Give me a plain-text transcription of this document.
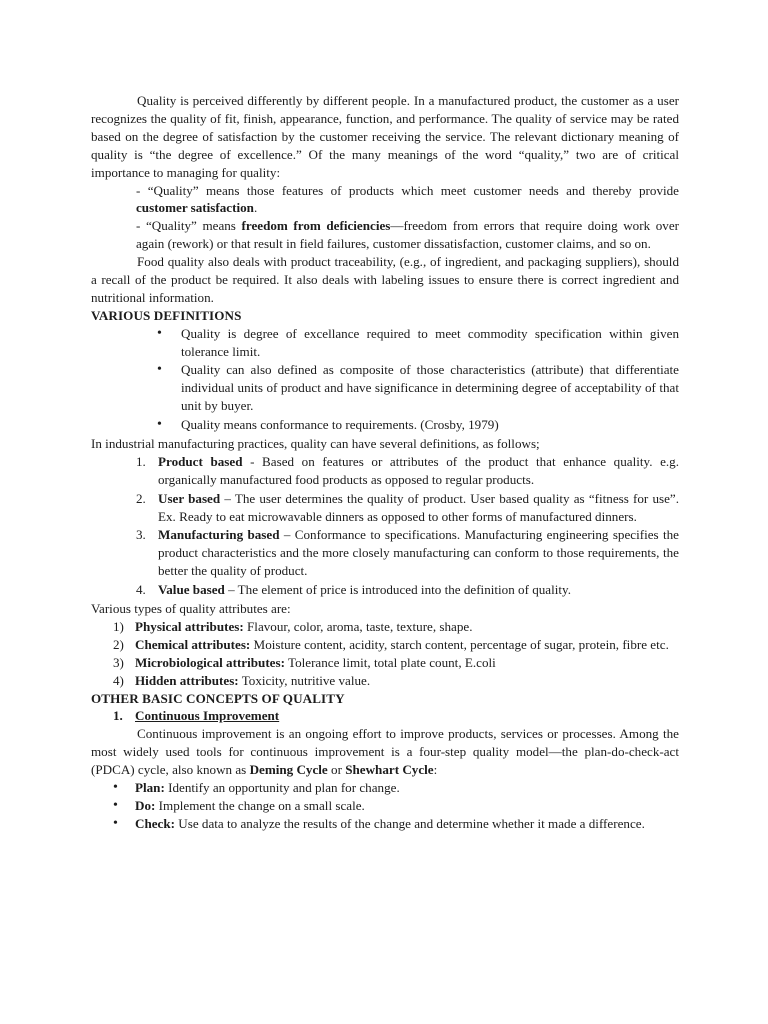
Quality is perceived differently by different people. In a manufactured product, the customer as a user recognizes the quality of fit, finish, appearance, function, and performance. The quality of service may be rated based on the degree of satisfaction by the customer receiving the service. The relevant dictionary meaning of quality is “the degree of excellence.” Of the many meanings of the word “quality,” two are of critical importance to managing for quality:

- “Quality” means those features of products which meet customer needs and thereby provide customer satisfaction.

- “Quality” means freedom from deficiencies—freedom from errors that require doing work over again (rework) or that result in field failures, customer dissatisfaction, customer claims, and so on.

Food quality also deals with product traceability, (e.g., of ingredient, and packaging suppliers), should a recall of the product be required. It also deals with labeling issues to ensure there is correct ingredient and nutritional information.

VARIOUS DEFINITIONS

• Quality is degree of excellance required to meet commodity specification within given tolerance limit.
• Quality can also defined as composite of those characteristics (attribute) that differentiate individual units of product and have significance in determining degree of acceptability of that unit by buyer.
• Quality means conformance to requirements. (Crosby, 1979)

In industrial manufacturing practices, quality can have several definitions, as follows;

1. Product based - Based on features or attributes of the product that enhance quality. e.g. organically manufactured food products as opposed to regular products.
2. User based – The user determines the quality of product. User based quality as “fitness for use”. Ex. Ready to eat microwavable dinners as opposed to other forms of manufactured dinners.
3. Manufacturing based – Conformance to specifications. Manufacturing engineering specifies the product characteristics and the more closely manufacturing can conform to those requirements, the better the quality of product.
4. Value based – The element of price is introduced into the definition of quality.

Various types of quality attributes are:

1) Physical attributes: Flavour, color, aroma, taste, texture, shape.
2) Chemical attributes: Moisture content, acidity, starch content, percentage of sugar, protein, fibre etc.
3) Microbiological attributes: Tolerance limit, total plate count, E.coli
4) Hidden attributes: Toxicity, nutritive value.

OTHER BASIC CONCEPTS OF QUALITY

1. Continuous Improvement

Continuous improvement is an ongoing effort to improve products, services or processes. Among the most widely used tools for continuous improvement is a four-step quality model—the plan-do-check-act (PDCA) cycle, also known as Deming Cycle or Shewhart Cycle:

• Plan: Identify an opportunity and plan for change.
• Do: Implement the change on a small scale.
• Check: Use data to analyze the results of the change and determine whether it made a difference.
